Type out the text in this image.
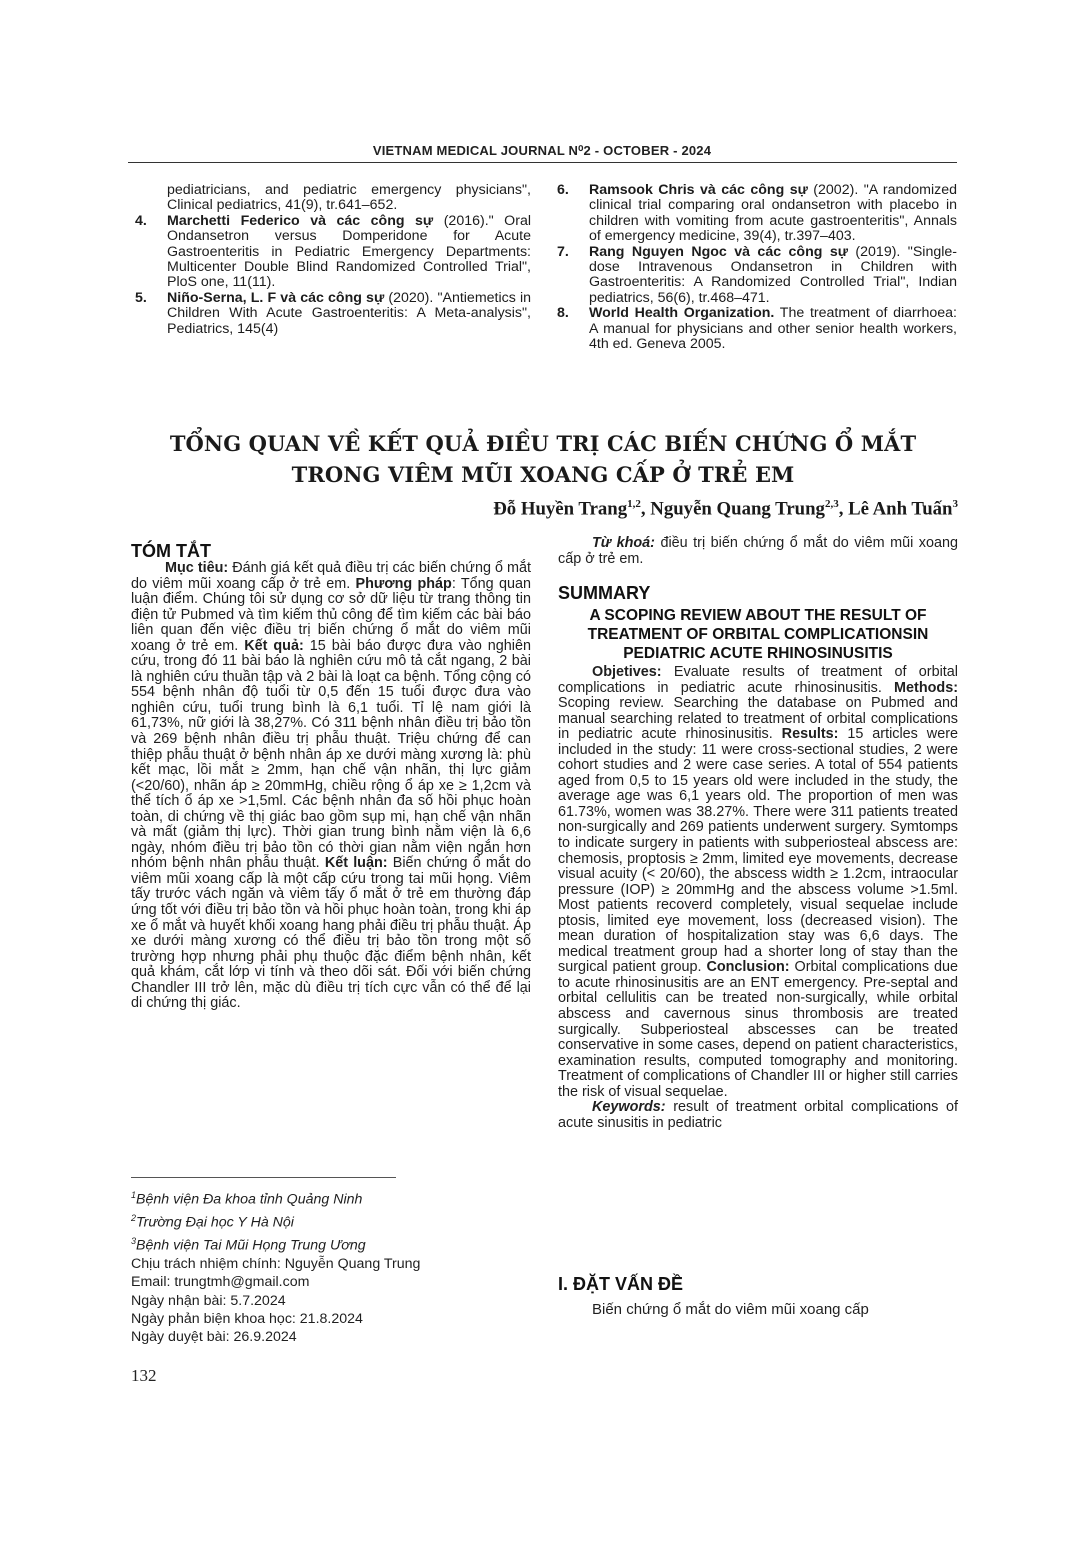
VIETNAM MEDICAL JOURNAL N⁰2 - OCTOBER - 2024
pediatricians, and pediatric emergency physicians", Clinical pediatrics, 41(9), tr.641–652.
4. Marchetti Federico và các công sự (2016)." Oral Ondansetron versus Domperidone for Acute Gastroenteritis in Pediatric Emergency Departments: Multicenter Double Blind Randomized Controlled Trial", PloS one, 11(11).
5. Niño-Serna, L. F và các công sự (2020). "Antiemetics in Children With Acute Gastroenteritis: A Meta-analysis", Pediatrics, 145(4)
6. Ramsook Chris và các công sự (2002). "A randomized clinical trial comparing oral ondansetron with placebo in children with vomiting from acute gastroenteritis", Annals of emergency medicine, 39(4), tr.397–403.
7. Rang Nguyen Ngoc và các công sự (2019). "Single-dose Intravenous Ondansetron in Children with Gastroenteritis: A Randomized Controlled Trial", Indian pediatrics, 56(6), tr.468–471.
8. World Health Organization. The treatment of diarrhoea: A manual for physicians and other senior health workers, 4th ed. Geneva 2005.
TỔNG QUAN VỀ KẾT QUẢ ĐIỀU TRỊ CÁC BIẾN CHỨNG Ổ MẮT
TRONG VIÊM MŨI XOANG CẤP Ở TRẺ EM
Đỗ Huyền Trang$^{1,2}$, Nguyễn Quang Trung$^{2,3}$, Lê Anh Tuấn$^3$
TÓM TẮT

Mục tiêu: Đánh giá kết quả điều trị các biến chứng ổ mắt do viêm mũi xoang cấp ở trẻ em. Phương pháp: Tổng quan luận điểm. Chúng tôi sử dụng cơ sở dữ liệu từ trang thông tin điện tử Pubmed và tìm kiếm thủ công để tìm kiếm các bài báo liên quan đến việc điều trị biến chứng ổ mắt do viêm mũi xoang ở trẻ em. Kết quả: 15 bài báo được đưa vào nghiên cứu, trong đó 11 bài báo là nghiên cứu mô tả cắt ngang, 2 bài là nghiên cứu thuần tập và 2 bài là loạt ca bệnh. Tổng cộng có 554 bệnh nhân độ tuổi từ 0,5 đến 15 tuổi được đưa vào nghiên cứu, tuổi trung bình là 6,1 tuổi. Tỉ lệ nam giới là 61,73%, nữ giới là 38,27%. Có 311 bệnh nhân điều trị bảo tồn và 269 bệnh nhân điều trị phẫu thuật. Triệu chứng để can thiệp phẫu thuật ở bệnh nhân áp xe dưới màng xương là: phù kết mạc, lồi mắt ≥ 2mm, hạn chế vận nhãn, thị lực giảm (<20/60), nhãn áp ≥ 20mmHg, chiều rộng ổ áp xe ≥ 1,2cm và thể tích ổ áp xe >1,5ml. Các bệnh nhân đa số hồi phục hoàn toàn, di chứng về thị giác bao gồm sụp mi, hạn chế vận nhãn và mất (giảm thị lực). Thời gian trung bình nằm viện là 6,6 ngày, nhóm điều trị bảo tồn có thời gian nằm viện ngắn hơn nhóm bệnh nhân phẫu thuật. Kết luận: Biến chứng ổ mắt do viêm mũi xoang cấp là một cấp cứu trong tai mũi họng. Viêm tấy trước vách ngăn và viêm tấy ổ mắt ở trẻ em thường đáp ứng tốt với điều trị bảo tồn và hồi phục hoàn toàn, trong khi áp xe ổ mắt và huyết khối xoang hang phải điều trị phẫu thuật. Áp xe dưới màng xương có thể điều trị bảo tồn trong một số trường hợp nhưng phải phụ thuộc đặc điểm bệnh nhân, kết quả khám, cắt lớp vi tính và theo dõi sát. Đối với biến chứng Chandler III trở lên, mặc dù điều trị tích cực vẫn có thể để lại di chứng thị giác.

$^1$Bệnh viện Đa khoa tỉnh Quảng Ninh
$^2$Trường Đại học Y Hà Nội
$^3$Bệnh viện Tai Mũi Họng Trung Ương
Chịu trách nhiệm chính: Nguyễn Quang Trung
Email: trungtmh@gmail.com
Ngày nhận bài: 5.7.2024
Ngày phản biện khoa học: 21.8.2024
Ngày duyệt bài: 26.9.2024
132

Từ khoá: điều trị biến chứng ổ mắt do viêm mũi xoang cấp ở trẻ em.

SUMMARY
A SCOPING REVIEW ABOUT THE RESULT OF TREATMENT OF ORBITAL COMPLICATIONSIN PEDIATRIC ACUTE RHINOSINUSITIS

Objetives: Evaluate results of treatment of orbital complications in pediatric acute rhinosinusitis. Methods: Scoping review. Searching the database on Pubmed and manual searching related to treatment of orbital complications in pediatric acute rhinosinusitis. Results: 15 articles were included in the study: 11 were cross-sectional studies, 2 were cohort studies and 2 were case series. A total of 554 patients aged from 0,5 to 15 years old were included in the study, the average age was 6,1 years old. The proportion of men was 61.73%, women was 38.27%. There were 311 patients treated non-surgically and 269 patients underwent surgery. Symtomps to indicate surgery in patients with subperiosteal abscess are: chemosis, proptosis ≥ 2mm, limited eye movements, decrease visual acuity (< 20/60), the abscess width ≥ 1.2cm, intraocular pressure (IOP) ≥ 20mmHg and the abscess volume >1.5ml. Most patients recoverd completely, visual sequelae include ptosis, limited eye movement, loss (decreased vision). The mean duration of hospitalization stay was 6,6 days. The medical treatment group had a shorter long of stay than the surgical patient group. Conclusion: Orbital complications due to acute rhinosinusitis are an ENT emergency. Pre-septal and orbital cellulitis can be treated non-surgically, while orbital abscess and cavernous sinus thrombosis are treated surgically. Subperiosteal abscesses can be treated conservative in some cases, depend on patient characteristics, examination results, computed tomography and monitoring. Treatment of complications of Chandler III or higher still carries the risk of visual sequelae.

Keywords: result of treatment orbital complications of acute sinusitis in pediatric

I. ĐẶT VẤN ĐỀ

Biến chứng ổ mắt do viêm mũi xoang cấp
